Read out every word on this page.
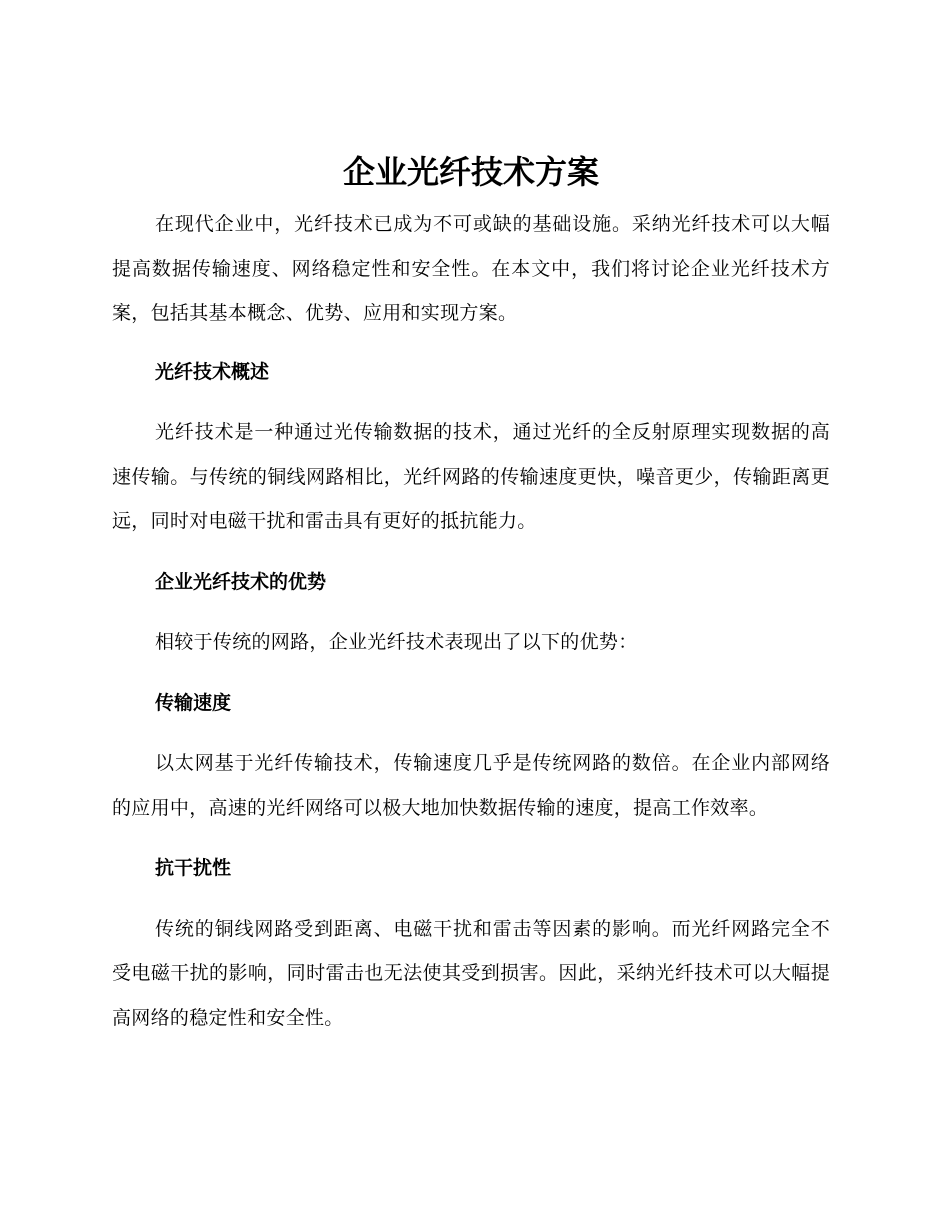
企业光纤技术方案

在现代企业中，光纤技术已成为不可或缺的基础设施。采纳光纤技术可以大幅提高数据传输速度、网络稳定性和安全性。在本文中，我们将讨论企业光纤技术方案，包括其基本概念、优势、应用和实现方案。

光纤技术概述

光纤技术是一种通过光传输数据的技术，通过光纤的全反射原理实现数据的高速传输。与传统的铜线网路相比，光纤网路的传输速度更快，噪音更少，传输距离更远，同时对电磁干扰和雷击具有更好的抵抗能力。

企业光纤技术的优势

相较于传统的网路，企业光纤技术表现出了以下的优势：

传输速度

以太网基于光纤传输技术，传输速度几乎是传统网路的数倍。在企业内部网络的应用中，高速的光纤网络可以极大地加快数据传输的速度，提高工作效率。

抗干扰性

传统的铜线网路受到距离、电磁干扰和雷击等因素的影响。而光纤网路完全不受电磁干扰的影响，同时雷击也无法使其受到损害。因此，采纳光纤技术可以大幅提高网络的稳定性和安全性。
